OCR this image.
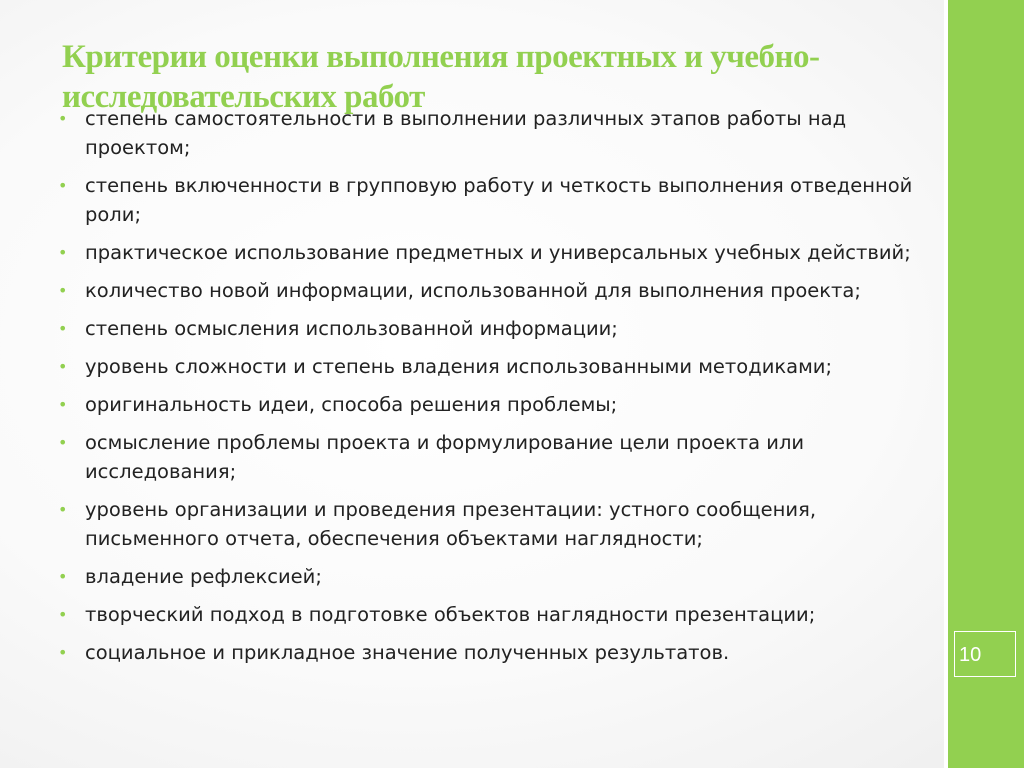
Критерии оценки выполнения проектных и учебно-исследовательских работ
• степень самостоятельности в выполнении различных этапов работы над проектом;
• степень включенности в групповую работу и четкость выполнения отведенной роли;
• практическое использование предметных и универсальных учебных действий;
• количество новой информации, использованной для выполнения проекта;
• степень осмысления использованной информации;
• уровень сложности и степень владения использованными методиками;
• оригинальность идеи, способа решения проблемы;
• осмысление проблемы проекта и формулирование цели проекта или исследования;
• уровень организации и проведения презентации: устного сообщения, письменного отчета, обеспечения объектами наглядности;
• владение рефлексией;
• творческий подход в подготовке объектов наглядности презентации;
• социальное и прикладное значение полученных результатов.	10
